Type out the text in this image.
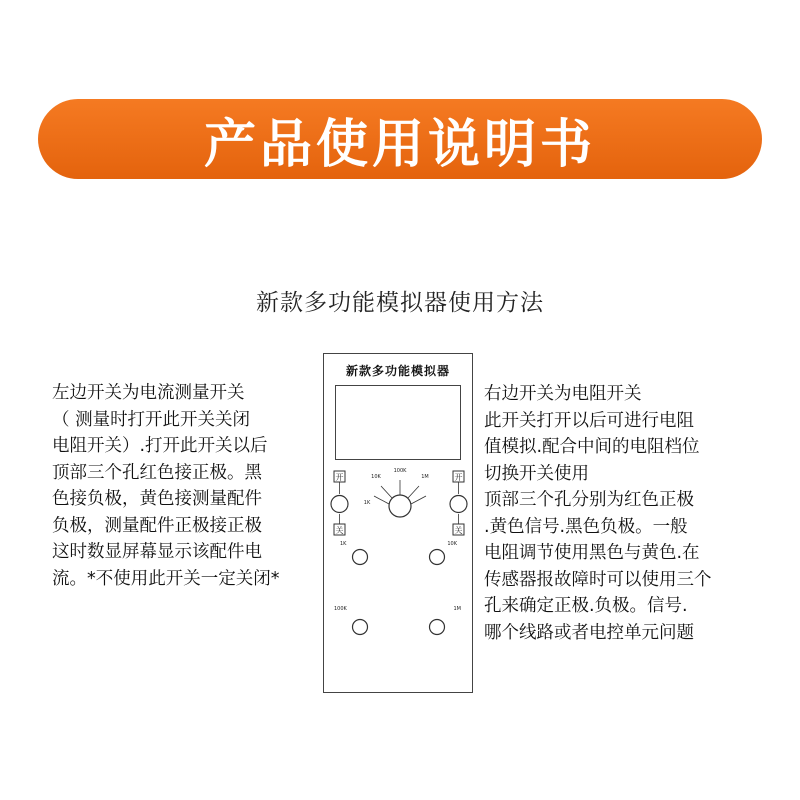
产品使用说明书
新款多功能模拟器使用方法
左边开关为电流测量开关
（ 测量时打开此开关关闭
电阻开关）.打开此开关以后
顶部三个孔红色接正极。黑
色接负极，黄色接测量配件
负极，测量配件正极接正极
这时数显屏幕显示该配件电
流。*不使用此开关一定关闭*
右边开关为电阻开关
此开关打开以后可进行电阻
值模拟.配合中间的电阻档位
切换开关使用
顶部三个孔分别为红色正极
.黄色信号.黑色负极。一般
电阻调节使用黑色与黄色.在
传感器报故障时可以使用三个
孔来确定正极.负极。信号.
哪个线路或者电控单元问题
新款多功能模拟器
开
关
开
关
100K
10K	1M
1K
1K	10K
100K	1M
